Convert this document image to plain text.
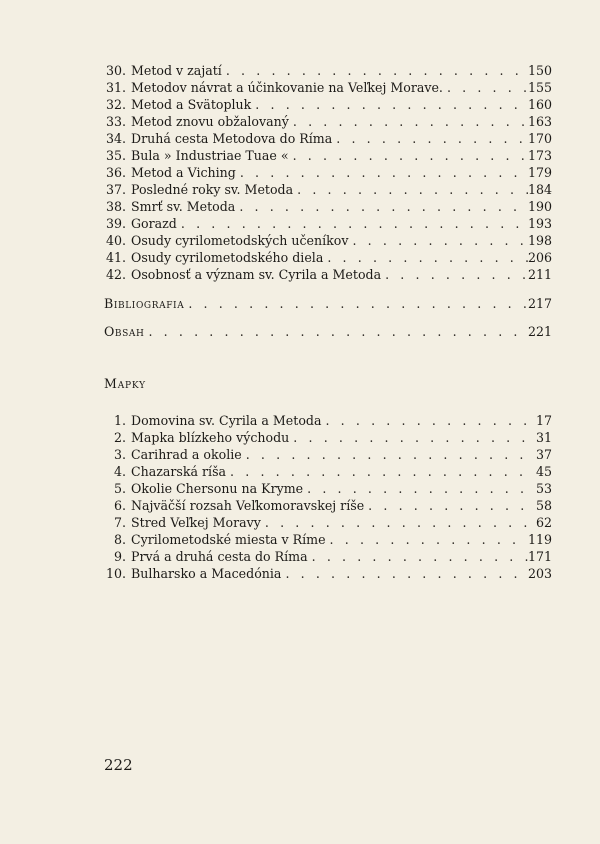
30. Metod v zajatí . . .	150
31. Metodov návrat a účinkovanie na Veľkej Morave. . . .	155
32. Metod a Svätopluk . . .	160
33. Metod znovu obžalovaný . . .	163
34. Druhá cesta Metodova do Ríma . . .	170
35. Bula » Industriae Tuae « . . .	173
36. Metod a Viching . . .	179
37. Posledné roky sv. Metoda . . .	184
38. Smrť sv. Metoda . . .	190
39. Gorazd . . .	193
40. Osudy cyrilometodských učeníkov . . .	198
41. Osudy cyrilometodského diela . . .	206
42. Osobnosť a význam sv. Cyrila a Metoda . . .	211
Bibliografia . . .	217
Obsah . . .	221
Mapky
1. Domovina sv. Cyrila a Metoda . . .	17
2. Mapka blízkeho východu . . .	31
3. Carihrad a okolie . . .	37
4. Chazarská ríša . . .	45
5. Okolie Chersonu na Kryme . . .	53
6. Najväčší rozsah Veľkomoravskej ríše . . .	58
7. Stred Veľkej Moravy . . .	62
8. Cyrilometodské miesta v Ríme . . .	119
9. Prvá a druhá cesta do Ríma . . .	171
10. Bulharsko a Macedónia . . .	203
222
